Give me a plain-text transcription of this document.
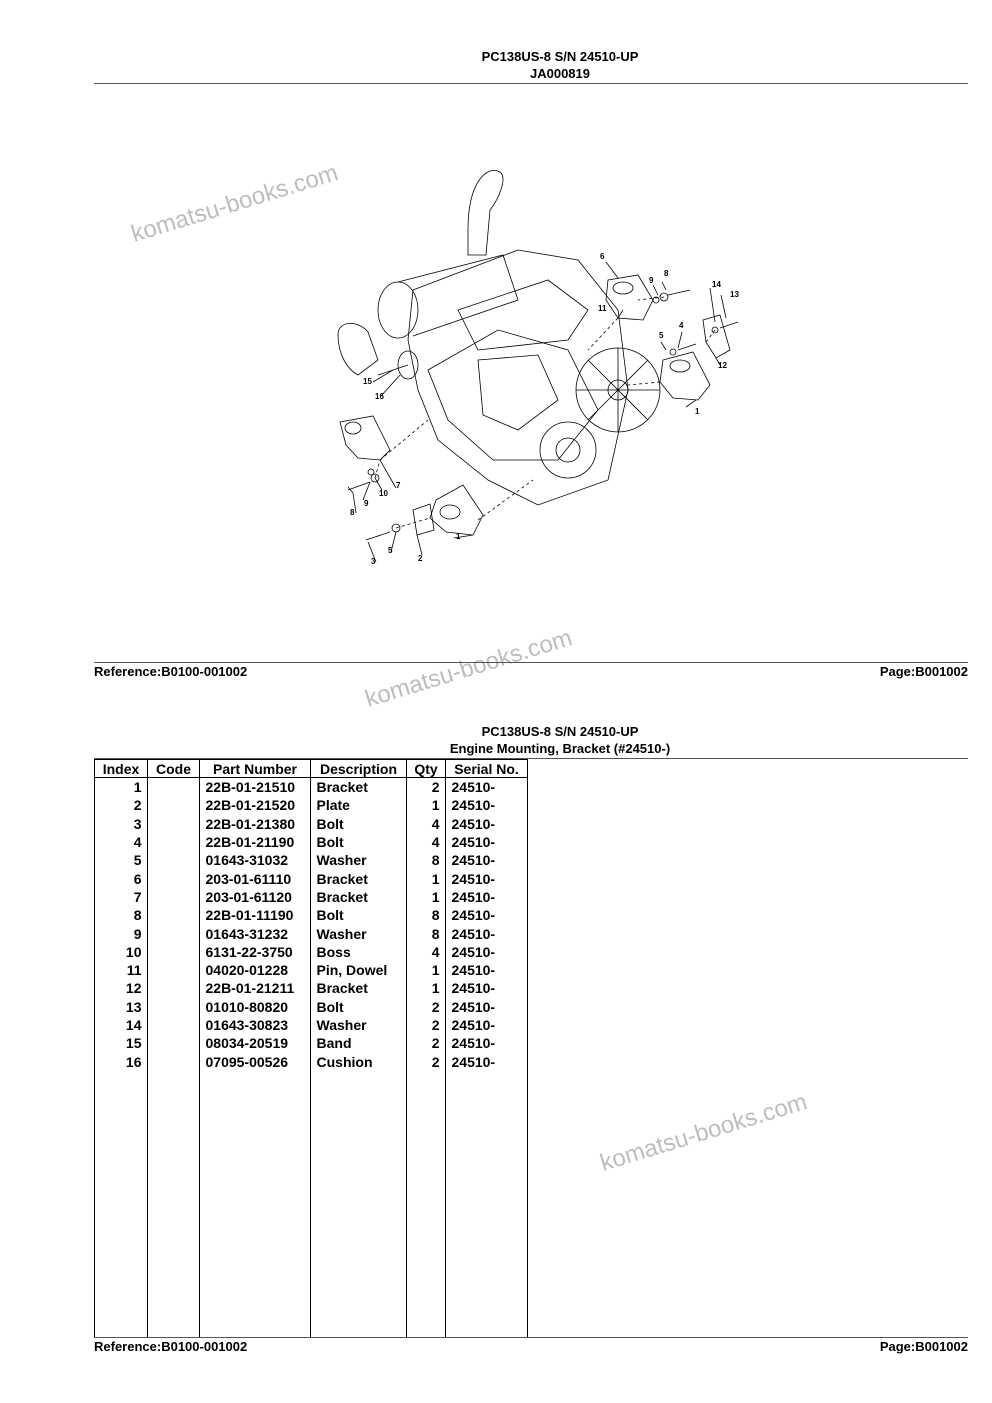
PC138US-8 S/N 24510-UP
JA000819
komatsu-books.com
komatsu-books.com
komatsu-books.com
6
9
8
14
13
11
5
4
12
1
15
16
7
10
9
8
1
2
5
3
Reference:B0100-001002	Page:B001002
PC138US-8 S/N 24510-UP
Engine Mounting, Bracket (#24510-)
Index	Code	Part Number	Description	Qty	Serial No.
1		22B-01-21510	Bracket	2	24510-
2		22B-01-21520	Plate	1	24510-
3		22B-01-21380	Bolt	4	24510-
4		22B-01-21190	Bolt	4	24510-
5		01643-31032	Washer	8	24510-
6		203-01-61110	Bracket	1	24510-
7		203-01-61120	Bracket	1	24510-
8		22B-01-11190	Bolt	8	24510-
9		01643-31232	Washer	8	24510-
10		6131-22-3750	Boss	4	24510-
11		04020-01228	Pin, Dowel	1	24510-
12		22B-01-21211	Bracket	1	24510-
13		01010-80820	Bolt	2	24510-
14		01643-30823	Washer	2	24510-
15		08034-20519	Band	2	24510-
16		07095-00526	Cushion	2	24510-
Reference:B0100-001002	Page:B001002
